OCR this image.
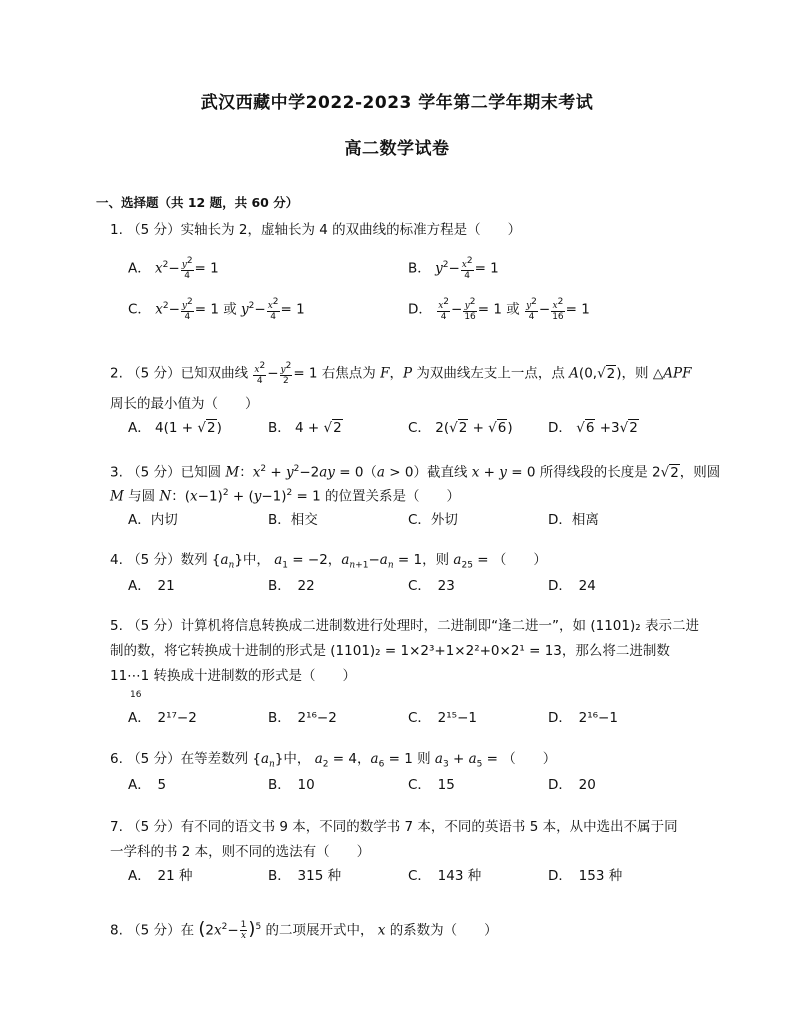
武汉西藏中学2022-2023 学年第二学年期末考试
高二数学试卷
一、选择题（共 12 题，共 60 分）
1. （5 分）实轴长为 2，虚轴长为 4 的双曲线的标准方程是（　　）
A． $x^2- \frac{y^2}{4} = 1$	B． $y^2- \frac{x^2}{4} = 1$
C． $x^2- \frac{y^2}{4} = 1$ 或 $y^2- \frac{x^2}{4} = 1$	D． $\frac{x^2}{4} - \frac{y^2}{16} = 1$ 或 $\frac{y^2}{4} - \frac{x^2}{16} = 1$
2. （5 分）已知双曲线 $\frac{x^2}{4} - \frac{y^2}{2} = 1$ 右焦点为 F，P 为双曲线左支上一点，点 A(0,√2)，则 △APF
周长的最小值为（　　）
A． 4(1 + √2)	B． 4 + √2	C． 2(√2 + √6)	D． √6 +3√2
3. （5 分）已知圆 M：$x^2 + y^2-2ay = 0(a > 0)$截直线 x + y = 0 所得线段的长度是 2√2，则圆
M 与圆 N：$(x-1)^2 + (y-1)^2 = 1$ 的位置关系是（　　）
A．内切	B．相交	C．外切	D．相离
4. （5 分）数列 $\{a_n\}$中， $a_1 = -2$，$a_{n+1}-a_n = 1$，则 $a_{25}$ = （　　）
A．　21	B．　22	C．　23	D．　24
5. （5 分）计算机将信息转换成二进制数进行处理时，二进制即“逢二进一”，如 (1101)₂ 表示二进
制的数，将它转换成十进制的形式是 (1101)₂ = 1×2³+1×2²+0×2¹ = 13，那么将二进制数
11⋯1 转换成十进制数的形式是（　　）
16
A．　2¹⁷−2	B．　2¹⁶−2	C．　2¹⁵−1	D．　2¹⁶−1
6. （5 分）在等差数列 $\{a_n\}$中， $a_2 = 4$，$a_6 = 1$ 则 $a_3 + a_5$ = （　　）
A．　5	B．　10	C．　15	D．　20
7. （5 分）有不同的语文书 9 本，不同的数学书 7 本，不同的英语书 5 本，从中选出不属于同
一学科的书 2 本，则不同的选法有（　　）
A．　21 种	B．　315 种	C．　143 种	D．　153 种
8. （5 分）在 $(2x^2- \frac{1}{x} )^5$ 的二项展开式中， x 的系数为（　　）
